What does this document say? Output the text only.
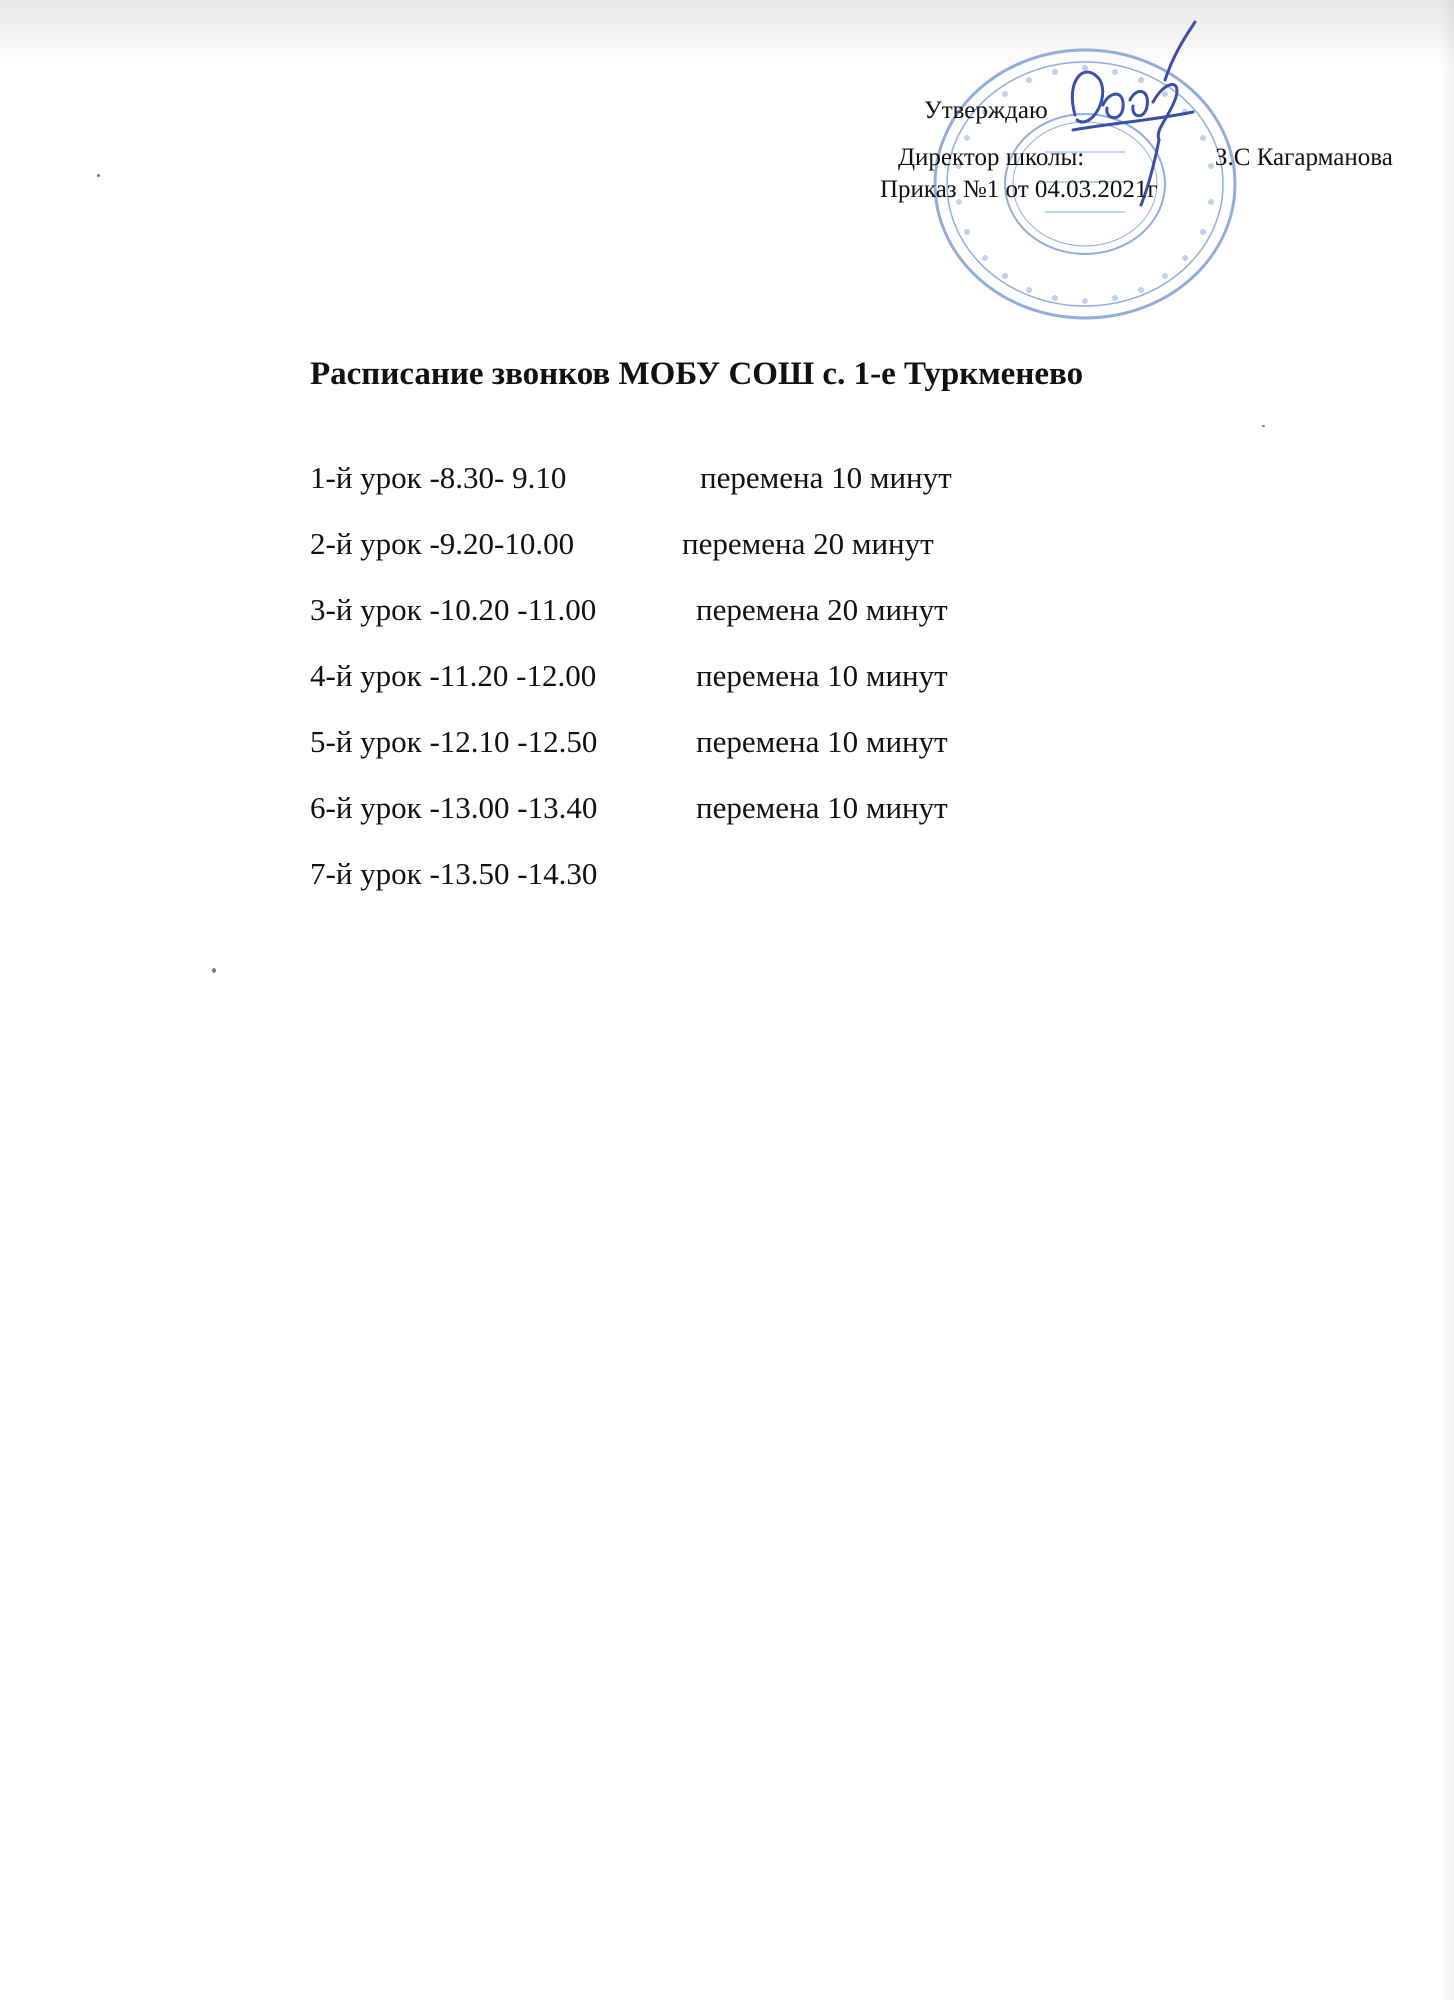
Утверждаю
Директор школы:	З.С Кагарманова
Приказ №1 от 04.03.2021г
Расписание звонков МОБУ СОШ с. 1-е Туркменево
1-й урок -8.30- 9.10	перемена 10 минут
2-й урок -9.20-10.00	перемена 20 минут
3-й урок -10.20 -11.00	перемена 20 минут
4-й урок -11.20 -12.00	перемена 10 минут
5-й урок -12.10 -12.50	перемена 10 минут
6-й урок -13.00 -13.40	перемена 10 минут
7-й урок -13.50 -14.30
